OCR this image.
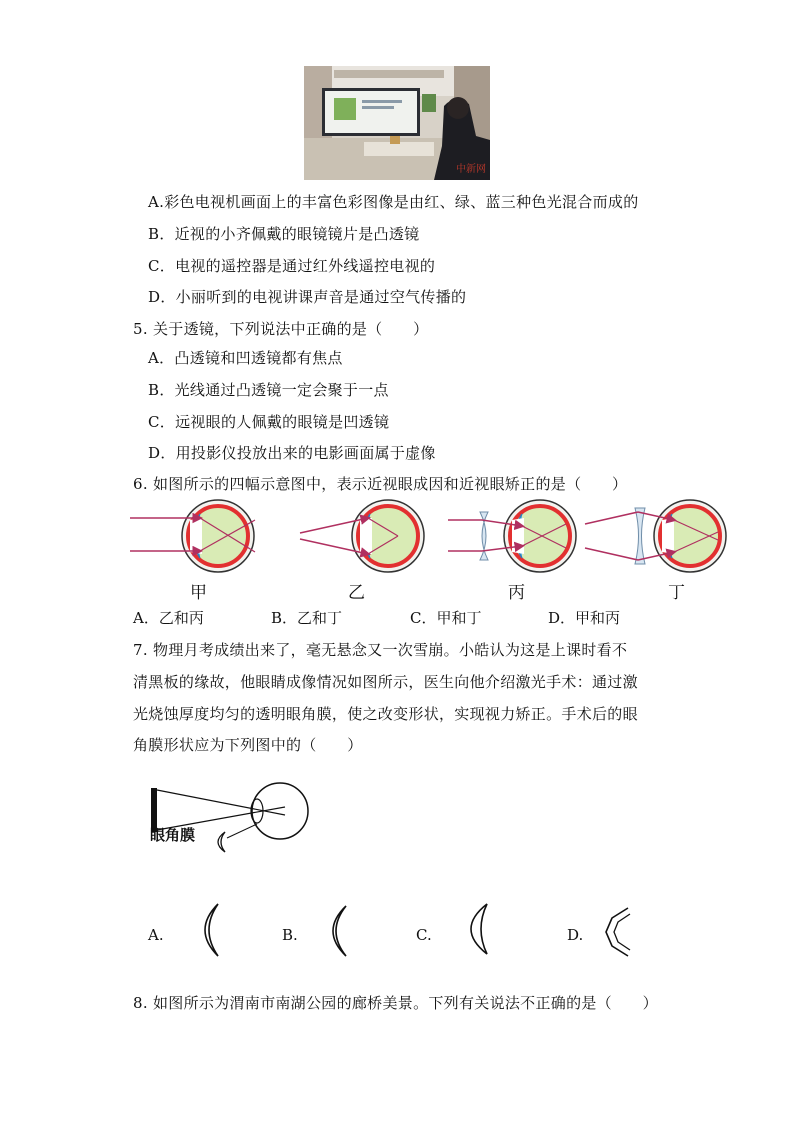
中新网
A.彩色电视机画面上的丰富色彩图像是由红、绿、蓝三种色光混合而成的
B．近视的小齐佩戴的眼镜镜片是凸透镜
C．电视的遥控器是通过红外线遥控电视的
D．小丽听到的电视讲课声音是通过空气传播的
5. 关于透镜，下列说法中正确的是（　　）
A．凸透镜和凹透镜都有焦点
B．光线通过凸透镜一定会聚于一点
C．远视眼的人佩戴的眼镜是凹透镜
D．用投影仪投放出来的电影画面属于虚像
6. 如图所示的四幅示意图中，表示近视眼成因和近视眼矫正的是（　　）
甲	乙	丙	丁
A．乙和丙	B．乙和丁	C．甲和丁	D．甲和丙
7. 物理月考成绩出来了，毫无悬念又一次雪崩。小皓认为这是上课时看不
清黑板的缘故，他眼睛成像情况如图所示，医生向他介绍激光手术：通过激
光烧蚀厚度均匀的透明眼角膜，使之改变形状，实现视力矫正。手术后的眼
角膜形状应为下列图中的（　　）
眼角膜
A.	B.	C.	D.
8. 如图所示为渭南市南湖公园的廊桥美景。下列有关说法不正确的是（　　）
